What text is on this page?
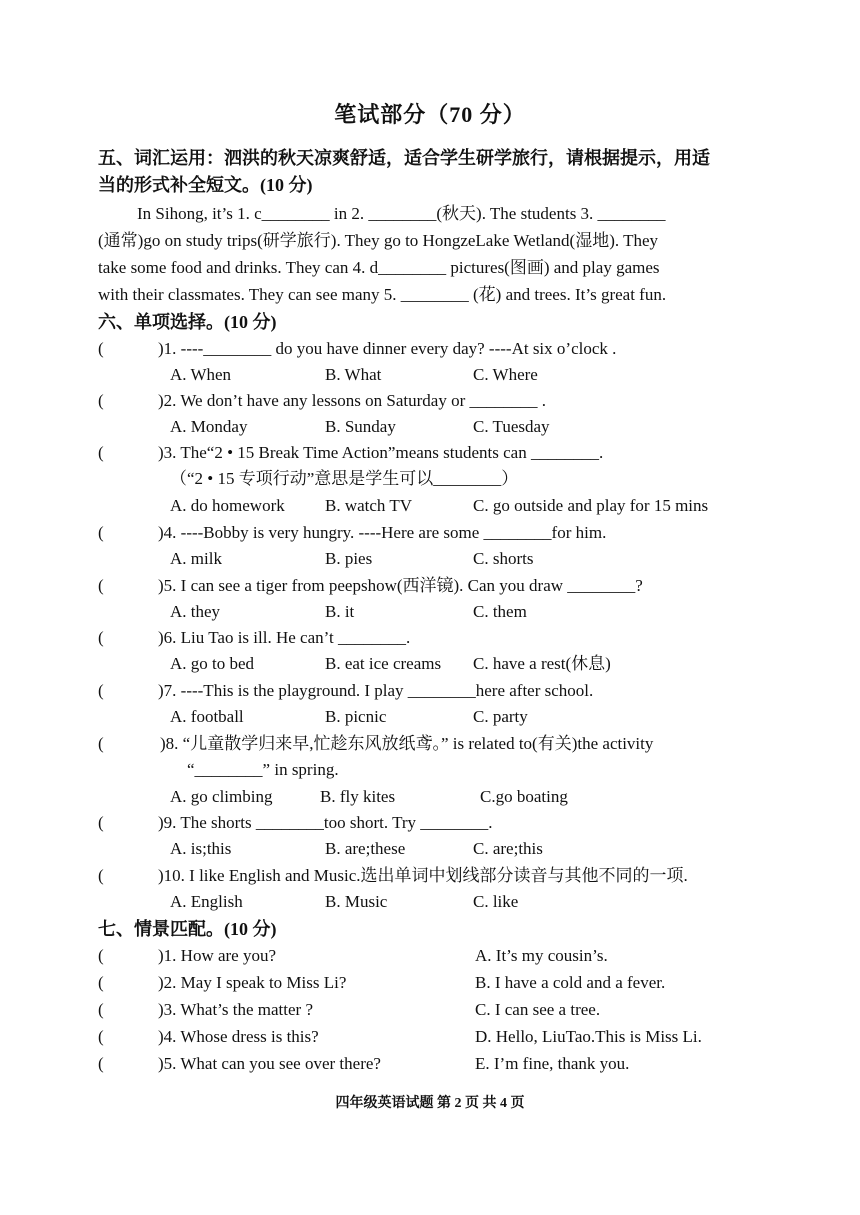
笔试部分（70 分）
五、词汇运用：泗洪的秋天凉爽舒适，适合学生研学旅行，请根据提示，用适
当的形式补全短文。(10 分)
In Sihong, it’s 1. c________ in 2. ________(秋天). The students 3. ________
(通常)go on study trips(研学旅行). They go to HongzeLake Wetland(湿地). They
take some food and drinks. They can 4. d________ pictures(图画) and play games
with their classmates. They can see many 5. ________ (花) and trees. It’s great fun.
六、单项选择。(10 分)
(	)1. ----________ do you have dinner every day? ----At six o’clock .
A. When	B. What	C. Where
(	)2. We don’t have any lessons on Saturday or ________ .
A. Monday	B. Sunday	C. Tuesday
(	)3. The“2 • 15 Break Time Action”means students can ________.
（“2 • 15 专项行动”意思是学生可以________）
A. do homework B. watch TV	C. go outside and play for 15 mins
(	)4. ----Bobby is very hungry. ----Here are some ________for him.
A. milk	B. pies	C. shorts
(	)5. I can see a tiger from peepshow(西洋镜). Can you draw ________?
A. they	B. it	C. them
(	)6. Liu Tao is ill. He can’t ________.
A. go to bed	B. eat ice creams C. have a rest(休息)
(	)7. ----This is the playground. I play ________here after school.
A. football	B. picnic	C. party
(	)8. “儿童散学归来早,忙趁东风放纸鸢。” is related to(有关)the activity
“________” in spring.
A. go climbing	B. fly kites	C.go boating
(	)9. The shorts ________too short. Try ________.
A. is;this	B. are;these	C. are;this
(	)10. I like English and Music.选出单词中划线部分读音与其他不同的一项.
A. English	B. Music	C. like
七、情景匹配。(10 分)
(	)1. How are you?	A. It’s my cousin’s.
(	)2. May I speak to Miss Li?	B. I have a cold and a fever.
(	)3. What’s the matter ?	C. I can see a tree.
(	)4. Whose dress is this?	D. Hello, LiuTao.This is Miss Li.
(	)5. What can you see over there?	E. I’m fine, thank you.
四年级英语试题 第 2 页 共 4 页
